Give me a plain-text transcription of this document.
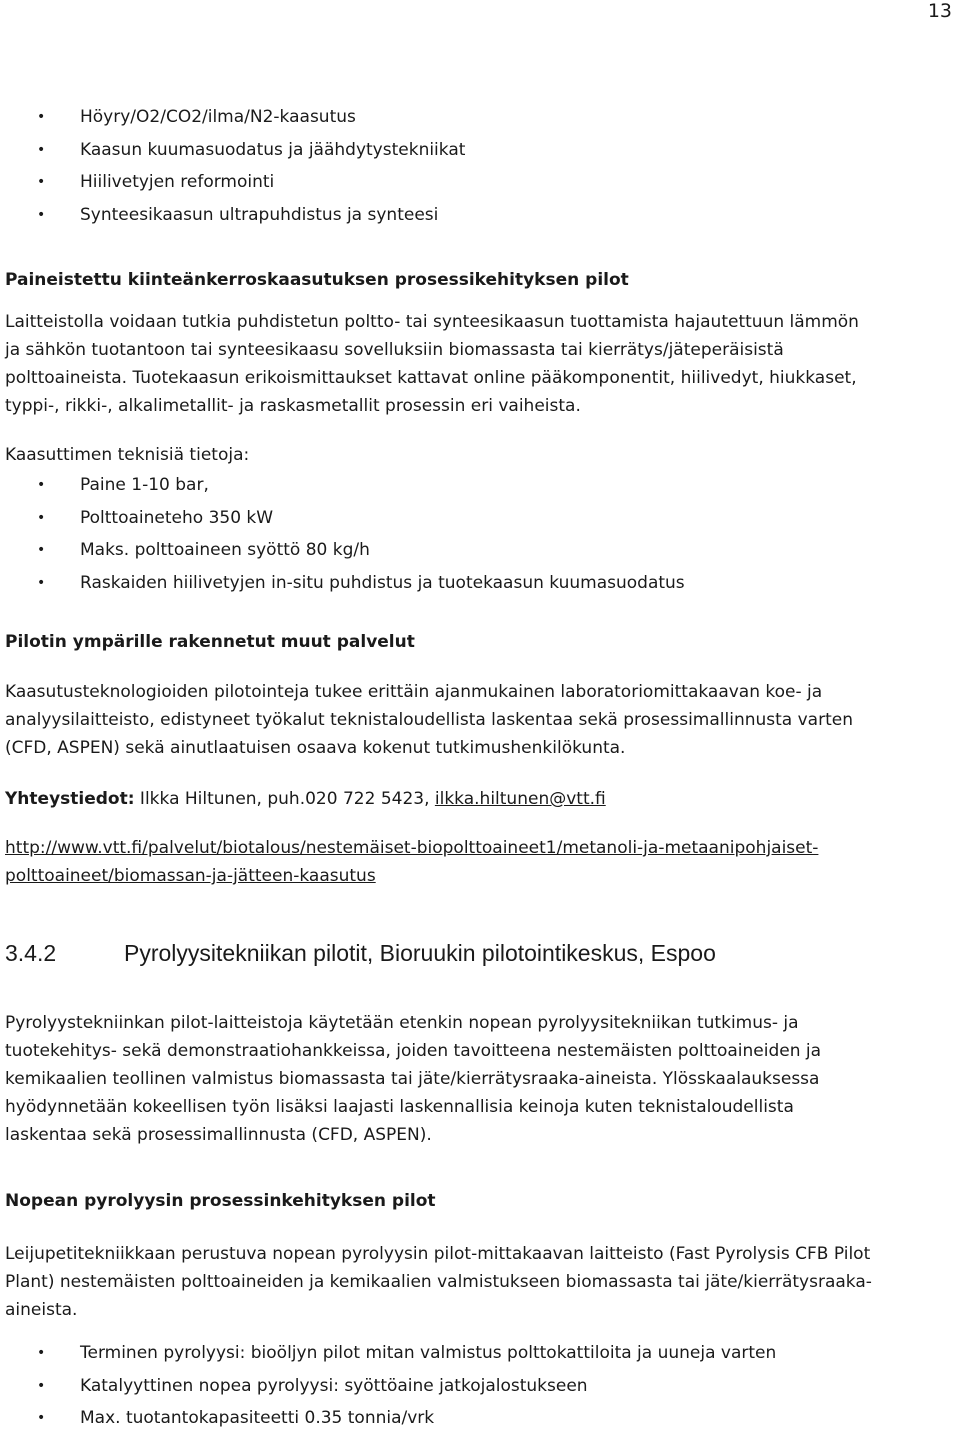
13
• Höyry/O2/CO2/ilma/N2-kaasutus
• Kaasun kuumasuodatus ja jäähdytystekniikat
• Hiilivetyjen reformointi
• Synteesikaasun ultrapuhdistus ja synteesi
Paineistettu kiinteänkerroskaasutuksen prosessikehityksen pilot

Laitteistolla voidaan tutkia puhdistetun poltto- tai synteesikaasun tuottamista hajautettuun lämmön
ja sähkön tuotantoon tai synteesikaasu sovelluksiin biomassasta tai kierrätys/jäteperäisistä
polttoaineista. Tuotekaasun erikoismittaukset kattavat online pääkomponentit, hiilivedyt, hiukkaset,
typpi-, rikki-, alkalimetallit- ja raskasmetallit prosessin eri vaiheista.

Kaasuttimen teknisiä tietoja:
• Paine 1-10 bar,
• Polttoaineteho 350 kW
• Maks. polttoaineen syöttö 80 kg/h
• Raskaiden hiilivetyjen in-situ puhdistus ja tuotekaasun kuumasuodatus
Pilotin ympärille rakennetut muut palvelut

Kaasutusteknologioiden pilotointeja tukee erittäin ajanmukainen laboratoriomittakaavan koe- ja
analyysilaitteisto, edistyneet työkalut teknistaloudellista laskentaa sekä prosessimallinnusta varten
(CFD, ASPEN) sekä ainutlaatuisen osaava kokenut tutkimushenkilökunta.

Yhteystiedot: Ilkka Hiltunen, puh.020 722 5423, ilkka.hiltunen@vtt.fi
http://www.vtt.fi/palvelut/biotalous/nestemäiset-biopolttoaineet1/metanoli-ja-metaanipohjaiset-
polttoaineet/biomassan-ja-jätteen-kaasutus
3.4.2	Pyrolyysitekniikan pilotit, Bioruukin pilotointikeskus, Espoo

Pyrolyystekniinkan pilot-laitteistoja käytetään etenkin nopean pyrolyysitekniikan tutkimus- ja
tuotekehitys- sekä demonstraatiohankkeissa, joiden tavoitteena nestemäisten polttoaineiden ja
kemikaalien teollinen valmistus biomassasta tai jäte/kierrätysraaka-aineista. Ylösskaalauksessa
hyödynnetään kokeellisen työn lisäksi laajasti laskennallisia keinoja kuten teknistaloudellista
laskentaa sekä prosessimallinnusta (CFD, ASPEN).

Nopean pyrolyysin prosessinkehityksen pilot

Leijupetitekniikkaan perustuva nopean pyrolyysin pilot-mittakaavan laitteisto (Fast Pyrolysis CFB Pilot
Plant) nestemäisten polttoaineiden ja kemikaalien valmistukseen biomassasta tai jäte/kierrätysraaka-
aineista.

• Terminen pyrolyysi: bioöljyn pilot mitan valmistus polttokattiloita ja uuneja varten
• Katalyyttinen nopea pyrolyysi: syöttöaine jatkojalostukseen
• Max. tuotantokapasiteetti 0.35 tonnia/vrk
